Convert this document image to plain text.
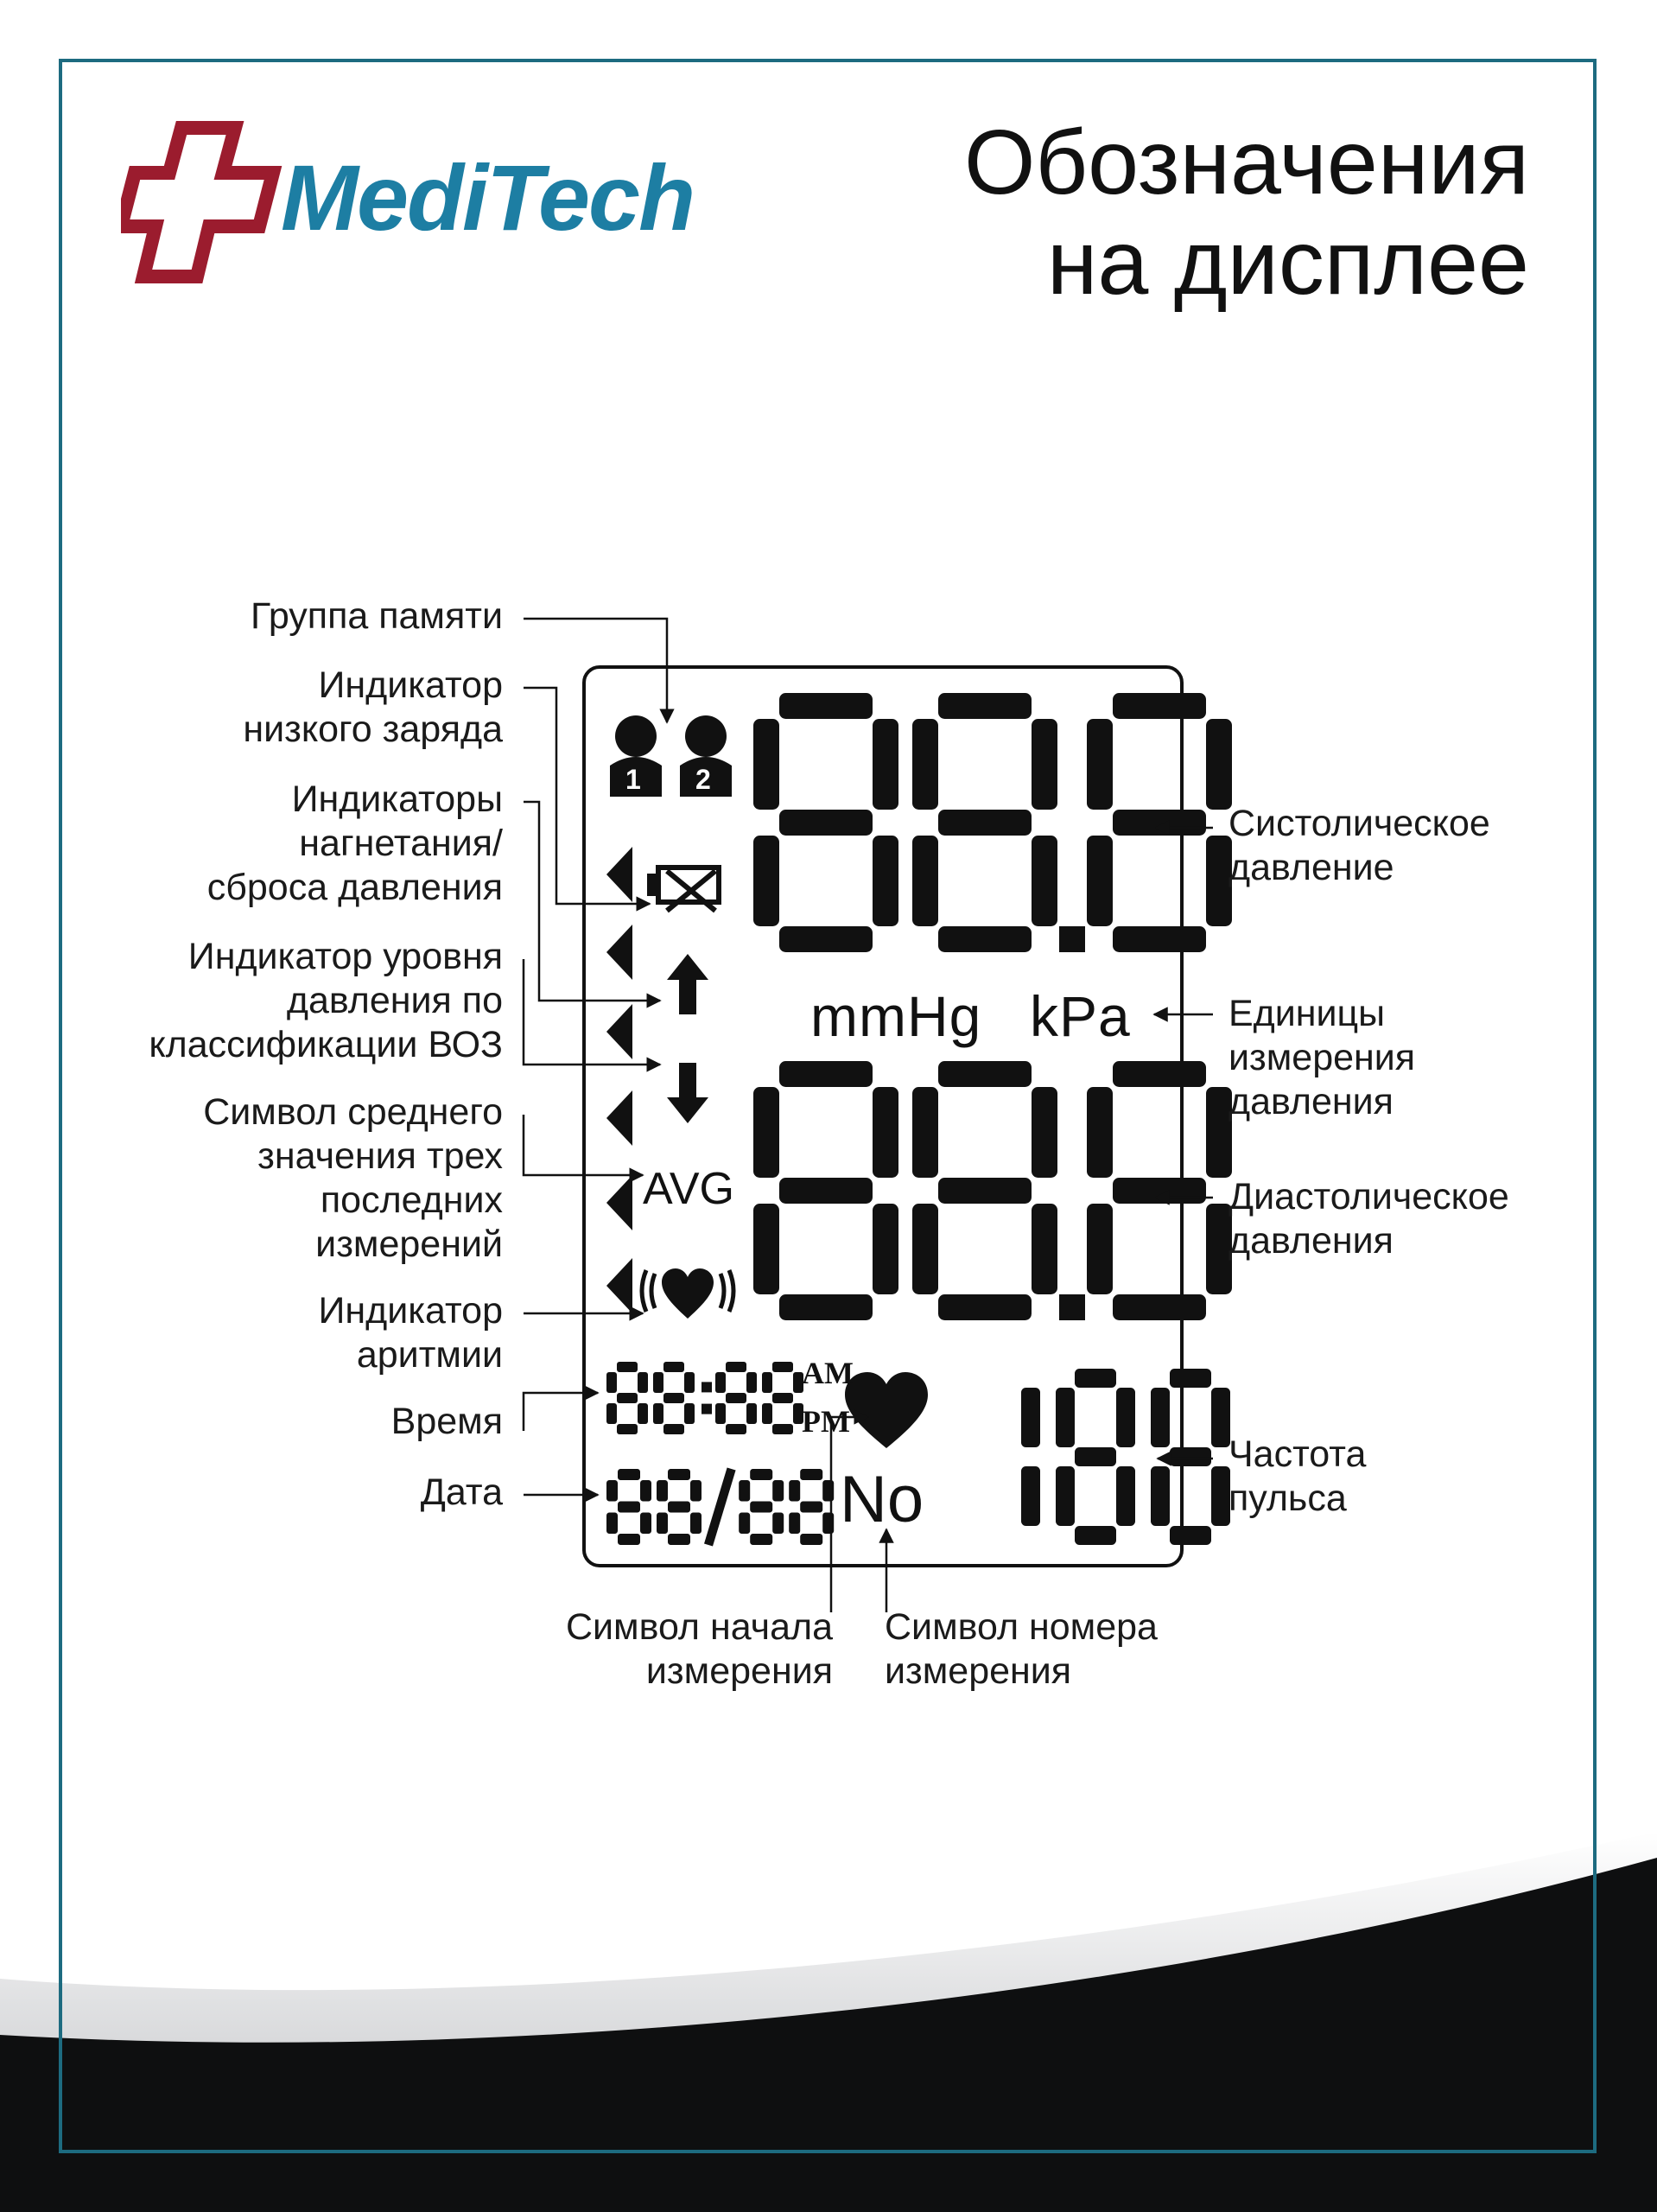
MediTech	Обозначения
на дисплее
1 2
mmHg kPa
AVG
AM
PM
No
Группа памяти
Индикатор
низкого заряда
Индикаторы
нагнетания/
сброса давления
Индикатор уровня
давления по
классификации ВОЗ
Символ среднего
значения трех
последних
измерений
Индикатор
аритмии
Время
Дата
Систолическое
давление
Единицы
измерения
давления
Диастолическое
давления
Частота
пульса
Символ начала
измерения
Символ номера
измерения
